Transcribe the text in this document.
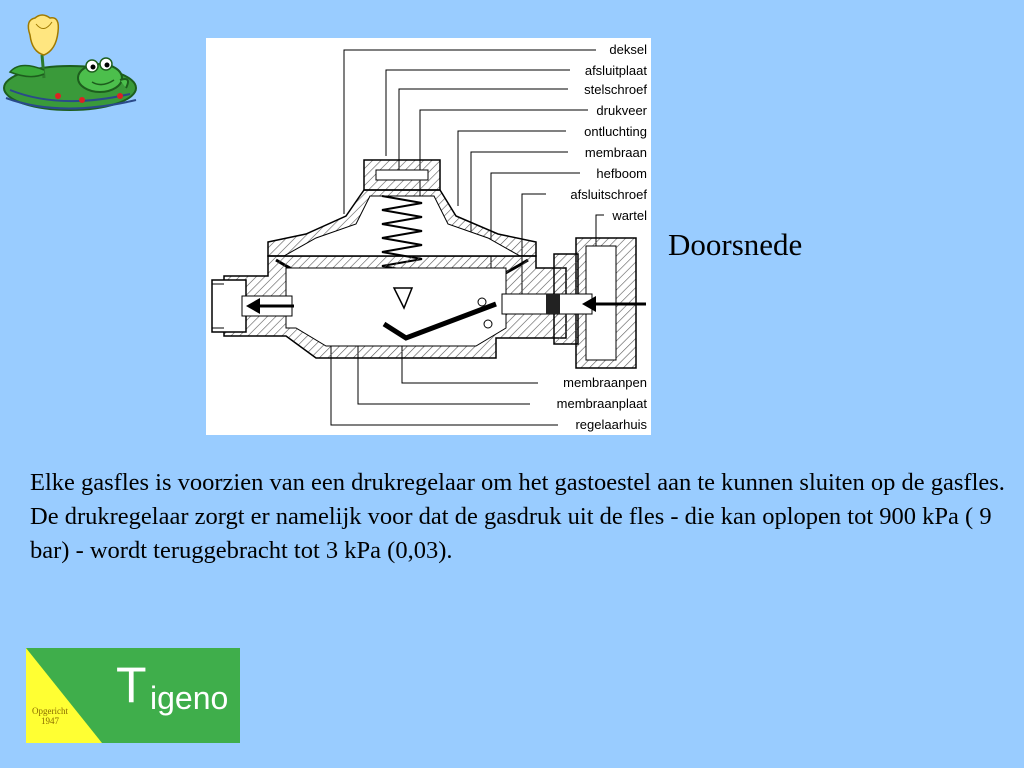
deksel
afsluitplaat
stelschroef
drukveer
ontluchting
membraan
hefboom
afsluitschroef
wartel
membraanpen
membraanplaat
regelaarhuis
Doorsnede

Elke gasfles is voorzien van een drukregelaar om het gastoestel aan te kunnen sluiten op de gasfles.

De drukregelaar zorgt er namelijk voor dat de gasdruk uit de fles - die kan oplopen tot 900 kPa ( 9 bar) - wordt teruggebracht tot 3 kPa (0,03).

T igeno
Opgericht
1947
